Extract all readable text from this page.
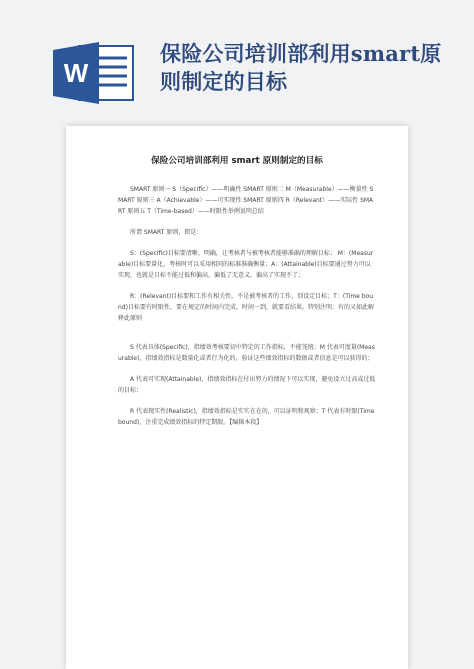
W
保险公司培训部利用smart原则制定的目标
保险公司培训部利用 smart 原则制定的目标

SMART 原则一 S（Specific）——明确性 SMART 原则二 M（Measurable）——衡量性 SMART 原则三 A（Achievable）——可实现性 SMART 原则四 R（Relevant）——实际性 SMART 原则五 T（Time-based）——时限性举例说明总结

所谓 SMART 原则，即是：

S：(Specific)目标要清晰、明确，让考核者与被考核者能够准确的理解目标； M：(Measurable)目标要量化，考核时可以采用相同的标准准确衡量；A：(Attainable)目标要通过努力可以实现，也就是目标不能过低和偏高，偏低了无意义，偏高了实现不了；

R：(Relevant)目标要和工作有相关性，不是被考核者的工作，别设定目标；T：(Time bound)目标要有时限性，要在规定的时间内完成，时间一到，就要看结果。特别注明：有的又如此解释此原则

S 代表具体(Specific)，指绩效考核要切中特定的工作指标，不能笼统；M 代表可度量(Measurable)，指绩效指标是数量化或者行为化的，验证这些绩效指标的数据或者信息是可以获得的；

A 代表可实现(Attainable)，指绩效指标在付出努力的情况下可以实现，避免设立过高或过低的目标；

R 代表现实性(Realistic)，指绩效指标是实实在在的，可以证明和观察；T 代表有时限(Timebound)，注重完成绩效指标的特定期限。【编辑本段】
